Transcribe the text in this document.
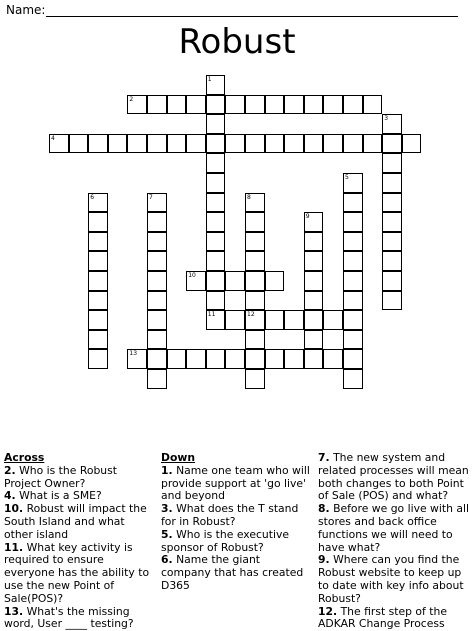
Name:
Robust
1
2
3
4
5
6	7	8
12
9
10
11
13
Across
2. Who is the Robust Project Owner?
4. What is a SME?
10. Robust will impact the South Island and what other island
11. What key activity is required to ensure everyone has the ability to use the new Point of Sale(POS)?
13. What's the missing word, User ____ testing?
Down
1. Name one team who will provide support at 'go live' and beyond
3. What does the T stand for in Robust?
5. Who is the executive sponsor of Robust?
6. Name the giant company that has created D365
7. The new system and related processes will mean both changes to both Point of Sale (POS) and what?
8. Before we go live with all stores and back office functions we will need to have what?
9. Where can you find the Robust website to keep up to date with key info about Robust?
12. The first step of the ADKAR Change Process
